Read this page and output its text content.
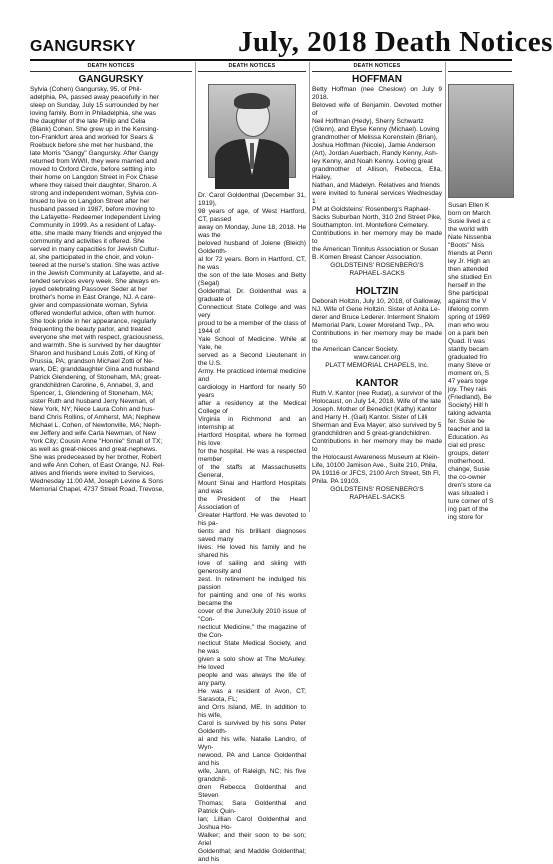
GANGURSKY	July, 2018 Death Notices
DEATH NOTICES
GANGURSKY
Sylvia (Cohen) Gangursky, 95, of Phil-
adelphia, PA, passed away peacefully in her
sleep on Sunday, July 15 surrounded by her
loving family. Born in Philadelphia, she was
the daughter of the late Philip and Celia
(Blank) Cohen. She grew up in the Kensing-
ton-Frankfurt area and worked for Sears &
Roebuck before she met her husband, the
late Morris "Gangy" Gangursky. After Gangy
returned from WWII, they were married and
moved to Oxford Circle, before settling into
their home on Langdon Street in Fox Chase
where they raised their daughter, Sharon. A
strong and independent woman, Sylvia con-
tinued to live on Langdon Street after her
husband passed in 1987, before moving to
the Lafayette- Redeemer Independent Living
Community in 1999. As a resident of Lafay-
ette, she made many friends and enjoyed the
community and activities it offered. She
served in many capacities for Jewish Cultur-
al, she participated in the choir, and volun-
teered at the nurse's station. She was active
in the Jewish Community at Lafayette, and at-
tended services every week. She always en-
joyed celebrating Passover Seder at her
brother's home in East Orange, NJ. A care-
giver and compassionate woman, Sylvia
offered wonderful advice, often with humor.
She took pride in her appearance, regularly
frequenting the beauty parlor, and treated
everyone she met with respect, graciousness,
and warmth. She is survived by her daughter
Sharon and husband Louis Zotti, of King of
Prussia, PA; grandson Michael Zotti of Ne-
wark, DE; granddaughter Gina and husband
Patrick Glendening, of Stoneham, MA; great-
grandchildren Caroline, 6, Annabel, 3, and
Spencer, 1, Glendening of Stoneham, MA;
sister Ruth and husband Jerry Newman, of
New York, NY; Niece Laura Cohn and hus-
band Chris Rollins, of Amherst, MA; Nephew
Michael L. Cohen, of Newtonville, MA; Neph-
ew Jeffery and wife Carla Newman, of New
York City; Cousin Anne "Honnie" Small of TX;
as well as great-nieces and great-nephews.
She was predeceased by her brother, Robert
and wife Ann Cohen, of East Orange, NJ. Rel-
atives and friends were invited to Services,
Wednesday 11:00 AM, Joseph Levine & Sons
Memorial Chapel, 4737 Street Road, Trevose,
DEATH NOTICES
Dr. Carol Goldenthal (December 31, 1919),
98 years of age, of West Hartford, CT, passed
away on Monday, June 18, 2018. He was the
beloved husband of Jolene (Bleich) Goldenth-
al for 72 years. Born in Hartford, CT, he was
the son of the late Moses and Betty (Segal)
Goldenthal. Dr. Goldenthal was a graduate of
Connecticut State College and was very
proud to be a member of the class of 1944 of
Yale School of Medicine. While at Yale, he
served as a Second Lieutenant in the U.S.
Army. He practiced internal medicine and
cardiology in Hartford for nearly 50 years
after a residency at the Medical College of
Virginia in Richmond and an internship at
Hartford Hospital, where he formed his love
for the hospital. He was a respected member
of the staffs at Massachusetts General,
Mount Sinai and Hartford Hospitals and was
the President of the Heart Association of
Greater Hartford. He was devoted to his pa-
tients and his brilliant diagnoses saved many
lives. He loved his family and he shared his
love of sailing and skiing with generosity and
zest. In retirement he indulged his passion
for painting and one of his works became the
cover of the June/July 2010 issue of "Con-
necticut Medicine," the magazine of the Con-
necticut State Medical Society, and he was
given a solo show at The McAuley. He loved
people and was always the life of any party.
He was a resident of Avon, CT; Sarasota, FL;
and Orrs Island, ME. In addition to his wife,
Carol is survived by his sons Peter Goldenth-
al and his wife, Natalie Landro, of Wyn-
newood, PA and Lance Goldenthal and his
wife, Jann, of Raleigh, NC; his five grandchil-
dren Rebecca Goldenthal and Steven
Thomas; Sara Goldenthal and Patrick Quin-
lan; Lillian Carol Goldenthal and Joshua Ho-
Walker; and their soon to be son; Ariel
Goldenthal; and Maddie Goldenthal; and his
DEATH NOTICES
HOFFMAN
Betty Hoffman (nee Cheslow) on July 9 2018.
Beloved wife of Benjamin. Devoted mother of
Neil Hoffman (Hedy), Sherry Schwartz
(Glenn), and Elyse Kenny (Michael). Loving
grandmother of Melissa Korenstein (Brian),
Joshua Hoffman (Nicole), Jamie Anderson
(Art), Jordan Auerbach, Randy Kenny, Ash-
ley Kenny, and Noah Kenny. Loving great
grandmother of Allison, Rebecca, Ella, Hailey,
Nathan, and Madelyn. Relatives and friends
were invited to funeral services Wednesday 1
PM at Goldsteins' Rosenberg's Raphael-
Sacks Suburban North, 310 2nd Street Pike,
Southampton. Int. Montefiore Cemetery.
Contributions in her memory may be made to
the American Tinnitus Association or Susan
B. Komen Breast Cancer Association.
GOLDSTEINS' ROSENBERG'S
RAPHAEL-SACKS
HOLTZIN
Deborah Holtzin, July 10, 2018, of Galloway,
NJ. Wife of Gene Holtzin. Sister of Anita Le-
derer and Bruce Lederer. Interment Shalom
Memorial Park, Lower Moreland Twp., PA.
Contributions in her memory may be made to
the American Cancer Society.
www.cancer.org
PLATT MEMORIAL CHAPELS, Inc.
KANTOR
Ruth V. Kantor (nee Rudat), a survivor of the
Holocaust, on July 14, 2018. Wife of the late
Joseph. Mother of Benedict (Kathy) Kantor
and Harry H. (Gail) Kantor. Sister of Lilli
Sherman and Eva Mayer; also survived by 5
grandchildren and 5 great-grandchildren.
Contributions in her memory may be made to
the Holocaust Awareness Museum at Klein-
Life, 10100 Jamison Ave., Suite 210, Phila,
PA 19116 or JFCS, 2100 Arch Street, 5th Fl,
Phila. PA 19103.
GOLDSTEINS' ROSENBERG'S
RAPHAEL-SACKS
Susan Ellen K
born on March
Susie lived a c
the world with
Nate Nissenba
"Boots" Niss
friends at Penn
ley Jr. High an
then attended
she studied En
herself in the
She participat
against the V
lifelong comm
spring of 1969
man who wou
on a park ben
Quad. It was
stantly becam
graduated fro
many Steve or
moment on, S
47 years toge
joy. They rais
(Friedland), Be
Society) Hill h
taking advanta
fer. Susie be
teacher and la
Education. As
cial ed presc
groups, deterr
motherhood.
change, Susie
the co-owner
dren's store ca
was situated i
ture corner of S
ing part of the
ing store for
